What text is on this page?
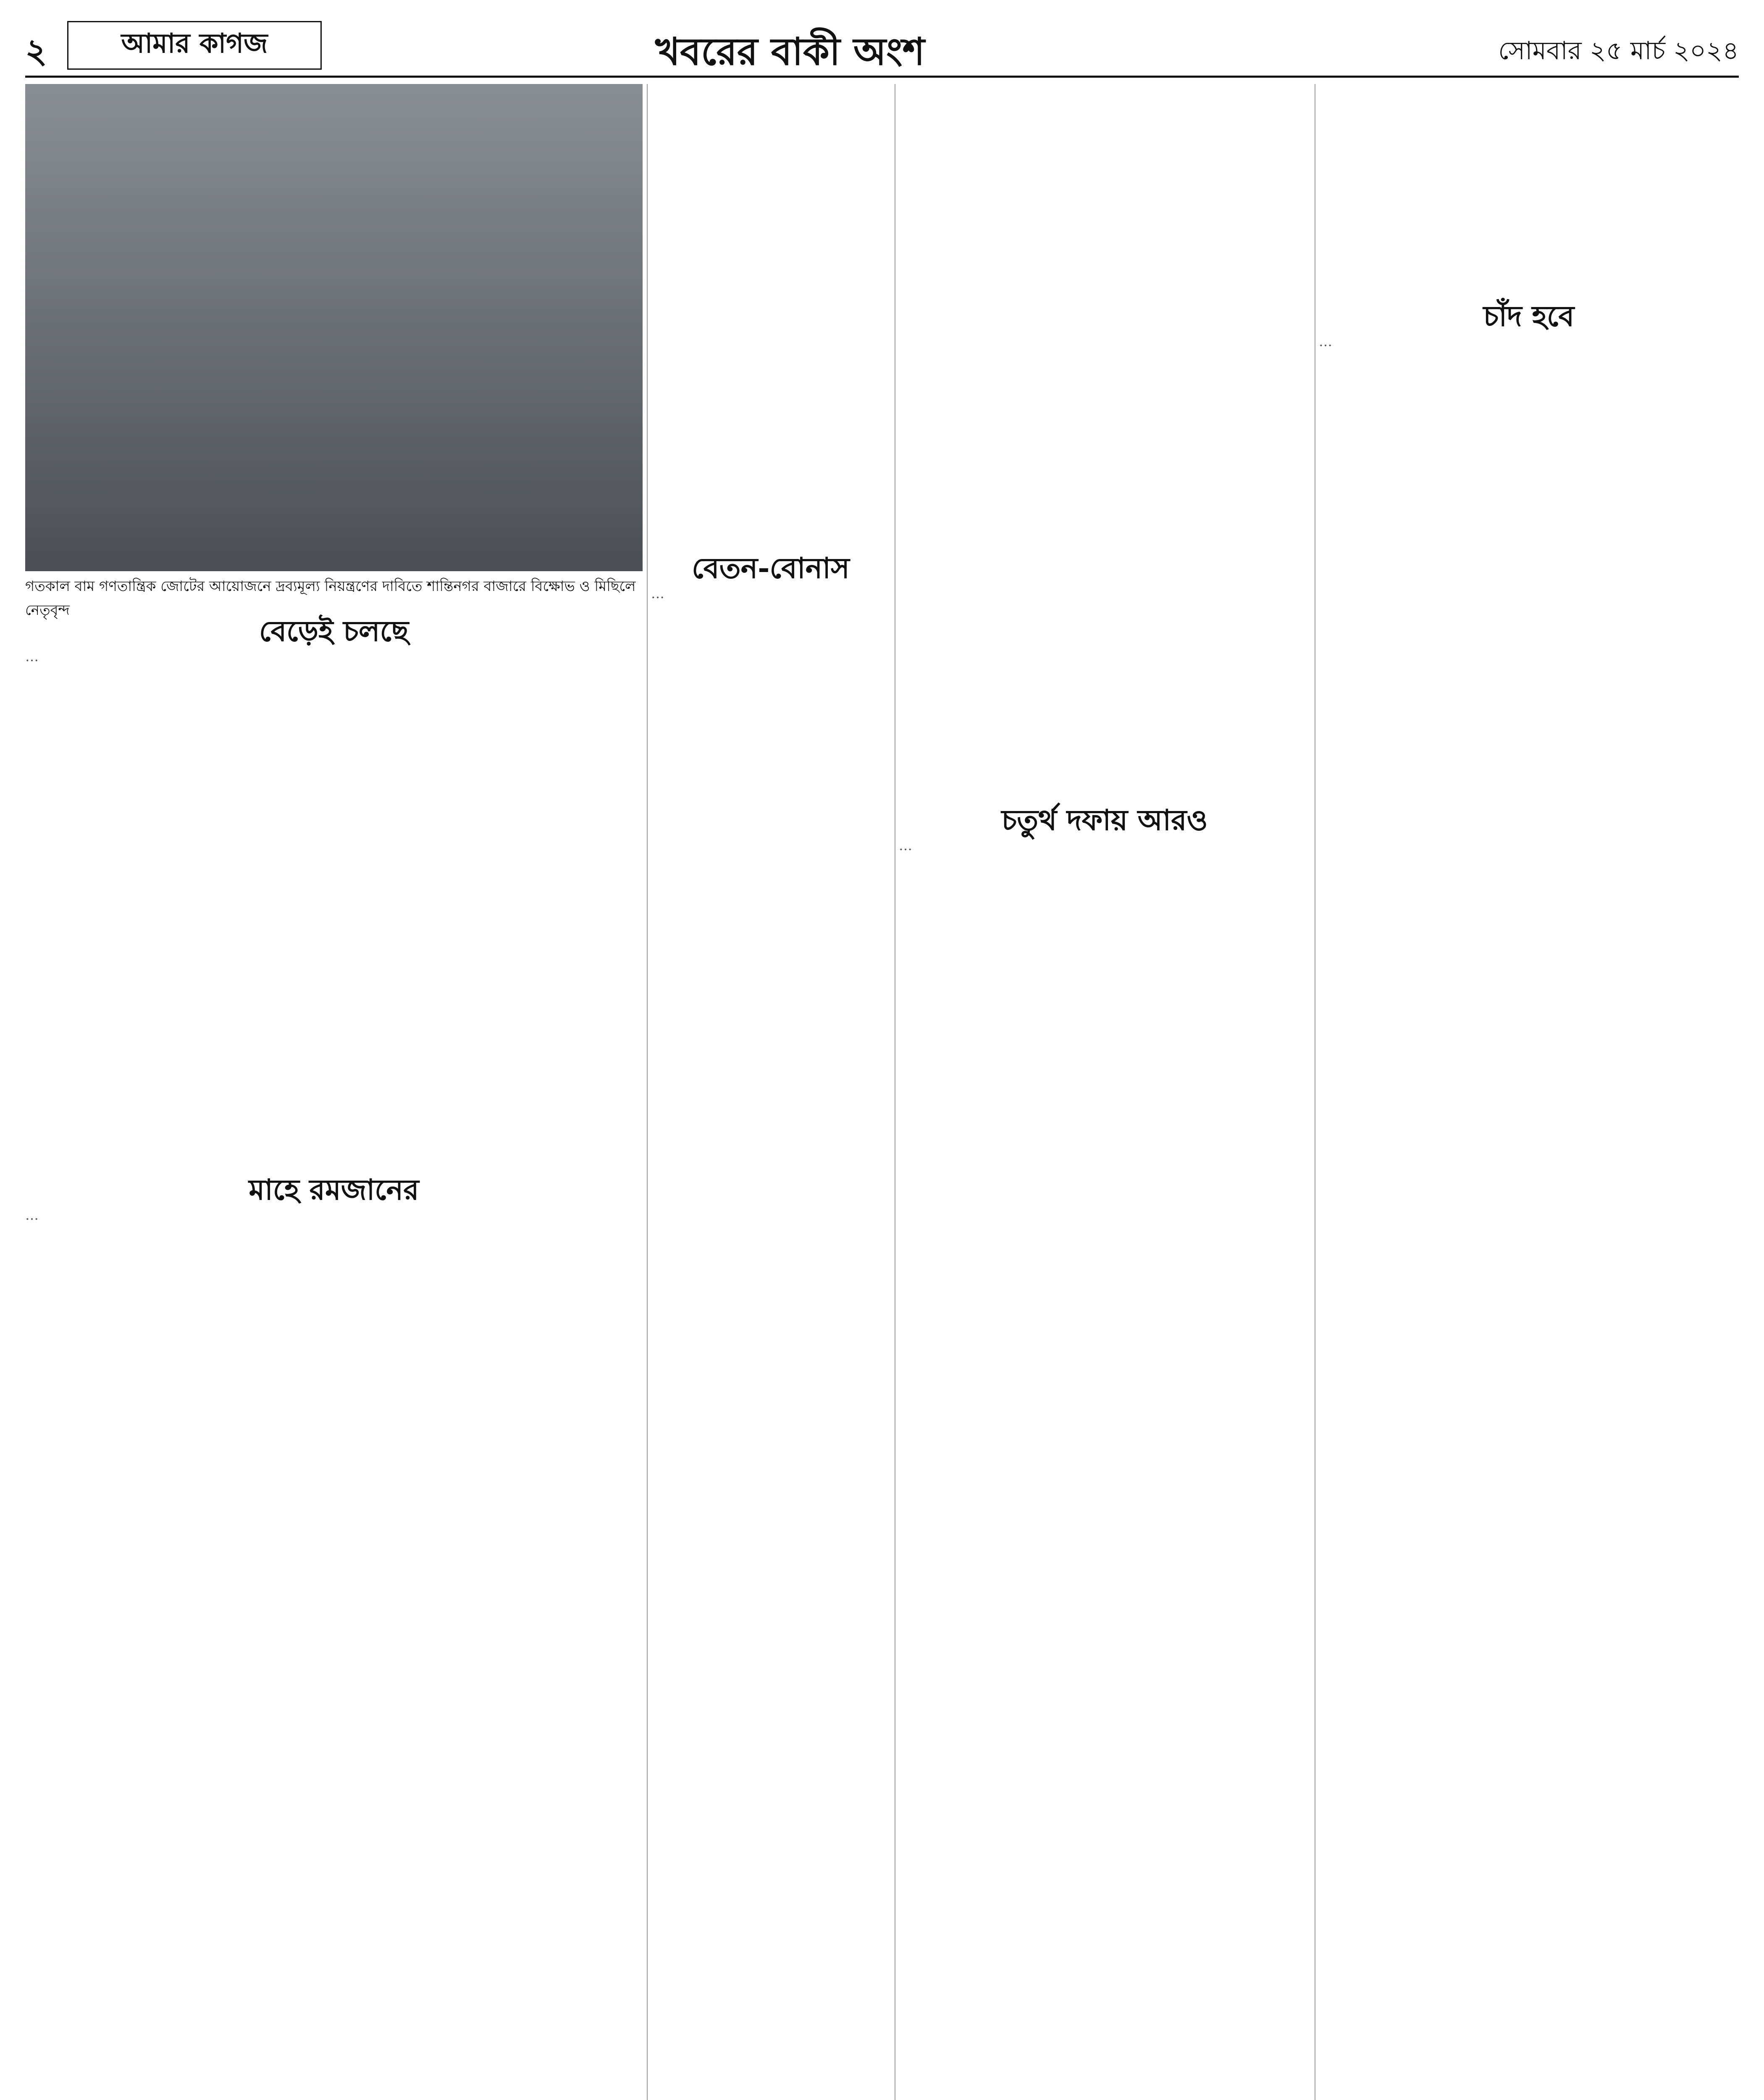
২	আমার কাগজ	খবরের বাকী অংশ	সোমবার ২৫ মার্চ ২০২৪
গতকাল বাম গণতান্ত্রিক জোটের আয়োজনে দ্রব্যমূল্য নিয়ন্ত্রণের দাবিতে শান্তিনগর বাজারে বিক্ষোভ ও মিছিলে নেতৃবৃন্দ
বেড়েই চলছে
…
মাহে রমজানের
…
বেতন-বোনাস
…
চতুর্থ দফায় আরও
…
চাঁদ হবে
…
